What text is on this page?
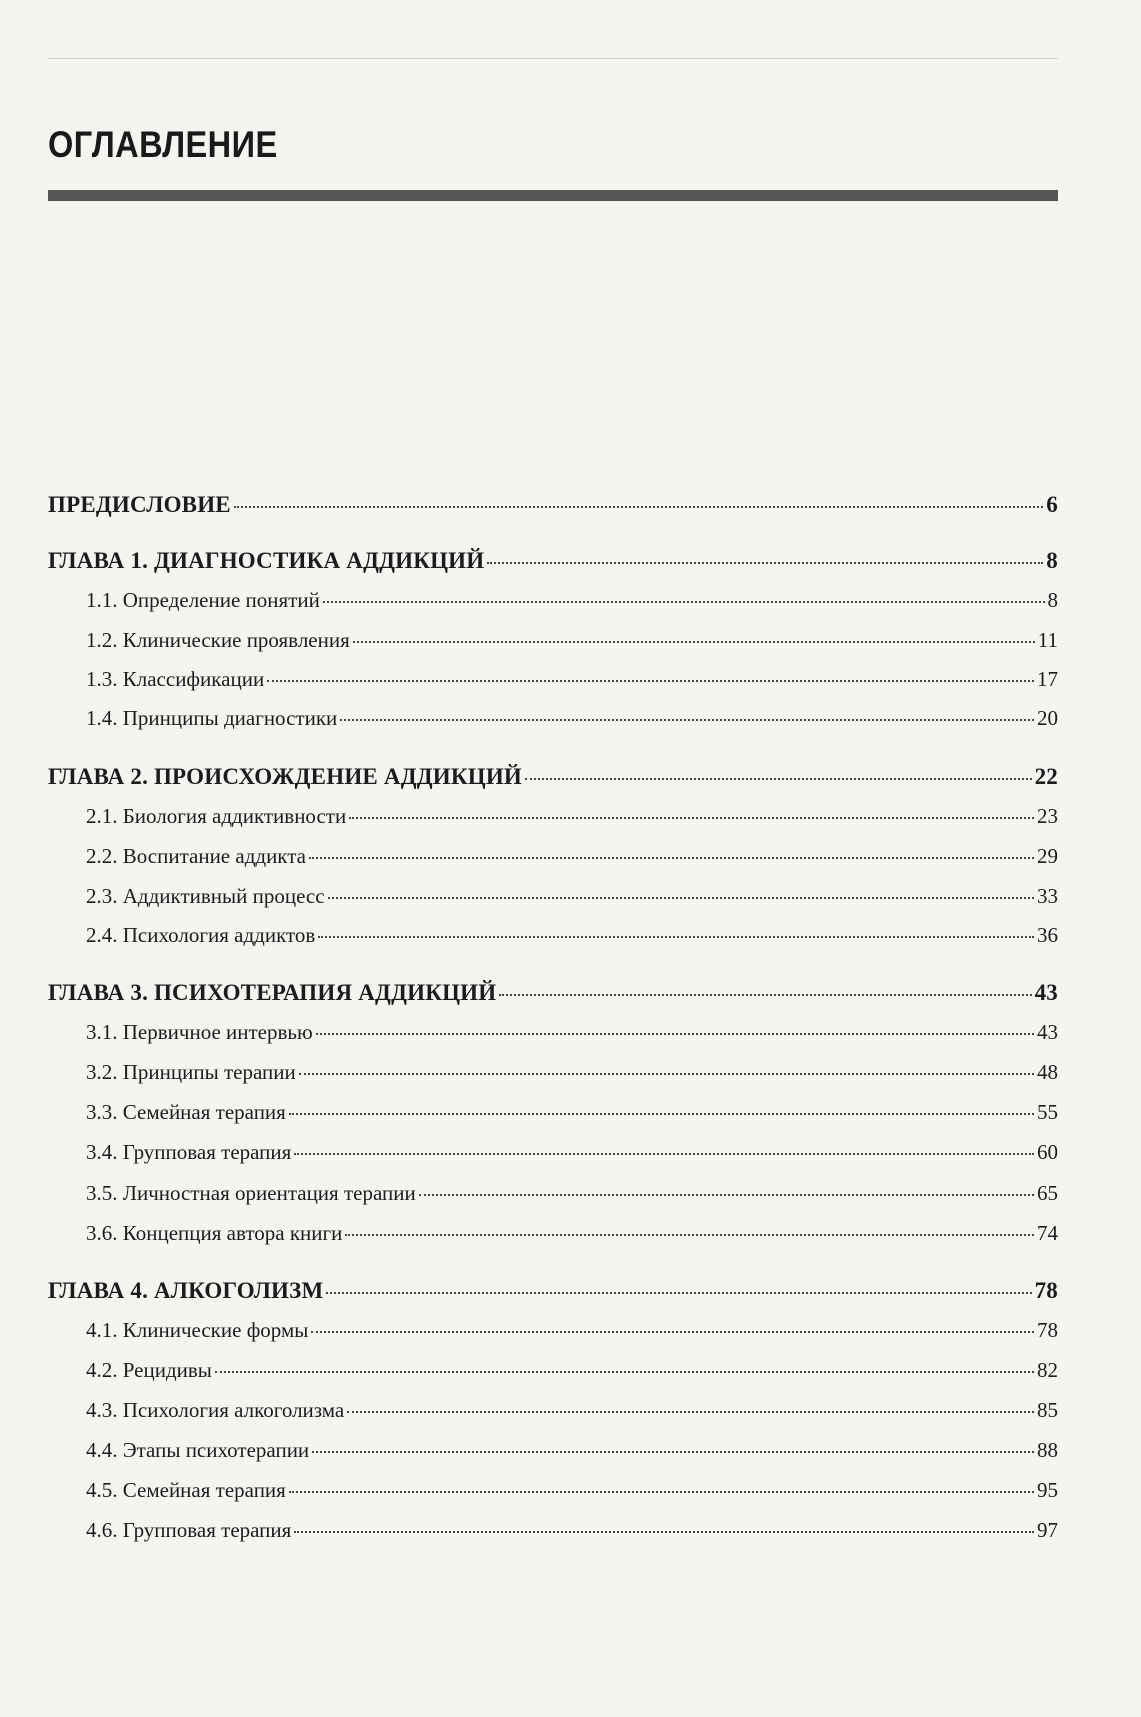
ОГЛАВЛЕНИЕ
ПРЕДИСЛОВИЕ	6
ГЛАВА 1. ДИАГНОСТИКА АДДИКЦИЙ	8
1.1. Определение понятий	8
1.2. Клинические проявления	11
1.3. Классификации	17
1.4. Принципы диагностики	20
ГЛАВА 2. ПРОИСХОЖДЕНИЕ АДДИКЦИЙ	22
2.1. Биология аддиктивности	23
2.2. Воспитание аддикта	29
2.3. Аддиктивный процесс	33
2.4. Психология аддиктов	36
ГЛАВА 3. ПСИХОТЕРАПИЯ АДДИКЦИЙ	43
3.1. Первичное интервью	43
3.2. Принципы терапии	48
3.3. Семейная терапия	55
3.4. Групповая терапия	60
3.5. Личностная ориентация терапии	65
3.6. Концепция автора книги	74
ГЛАВА 4. АЛКОГОЛИЗМ	78
4.1. Клинические формы	78
4.2. Рецидивы	82
4.3. Психология алкоголизма	85
4.4. Этапы психотерапии	88
4.5. Семейная терапия	95
4.6. Групповая терапия	97
